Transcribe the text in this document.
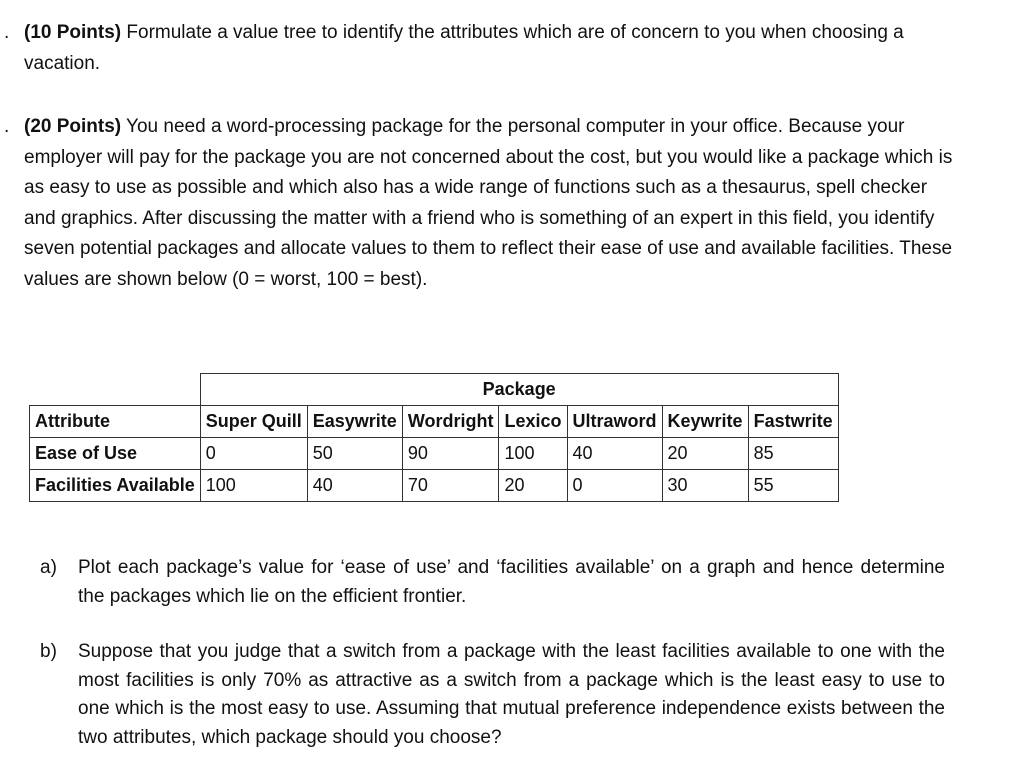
. (10 Points) Formulate a value tree to identify the attributes which are of concern to you when choosing a vacation.
. (20 Points) You need a word-processing package for the personal computer in your office. Because your employer will pay for the package you are not concerned about the cost, but you would like a package which is as easy to use as possible and which also has a wide range of functions such as a thesaurus, spell checker and graphics. After discussing the matter with a friend who is something of an expert in this field, you identify seven potential packages and allocate values to them to reflect their ease of use and available facilities. These values are shown below (0 = worst, 100 = best).
	Package						
Attribute	Super Quill	Easywrite	Wordright	Lexico	Ultraword	Keywrite	Fastwrite
Ease of Use	0	50	90	100	40	20	85
Facilities Available	100	40	70	20	0	30	55
a) Plot each package’s value for ‘ease of use’ and ‘facilities available’ on a graph and hence determine the packages which lie on the efficient frontier.
b) Suppose that you judge that a switch from a package with the least facilities available to one with the most facilities is only 70% as attractive as a switch from a package which is the least easy to use to one which is the most easy to use. Assuming that mutual preference independence exists between the two attributes, which package should you choose?
